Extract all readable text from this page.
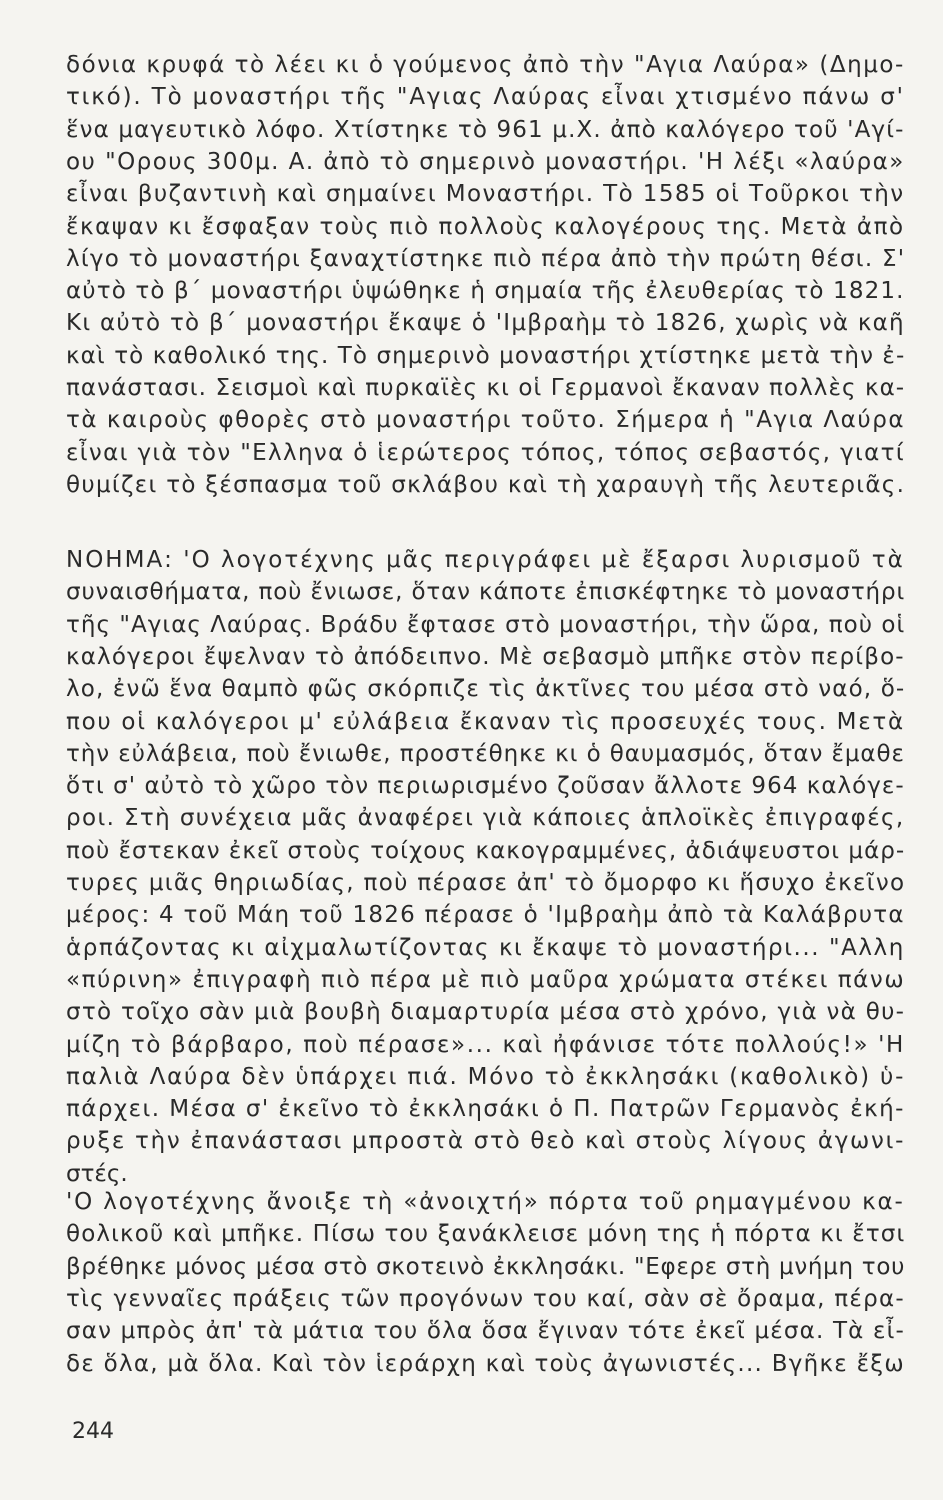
δόνια κρυφά τὸ λέει κι ὁ γούμενος ἀπὸ τὴν "Αγια Λαύρα» (Δημο-
τικό). Τὸ μοναστήρι τῆς "Αγιας Λαύρας εἶναι χτισμένο πάνω σ'
ἕνα μαγευτικὸ λόφο. Χτίστηκε τὸ 961 μ.Χ. ἀπὸ καλόγερο τοῦ 'Αγί-
ου "Ορους 300μ. Α. ἀπὸ τὸ σημερινὸ μοναστήρι. 'Η λέξι «λαύρα»
εἶναι βυζαντινὴ καὶ σημαίνει Μοναστήρι. Τὸ 1585 οἱ Τοῦρκοι τὴν
ἔκαψαν κι ἔσφαξαν τοὺς πιὸ πολλοὺς καλογέρους της. Μετὰ ἀπὸ
λίγο τὸ μοναστήρι ξαναχτίστηκε πιὸ πέρα ἀπὸ τὴν πρώτη θέσι. Σ'
αὐτὸ τὸ β΄ μοναστήρι ὑψώθηκε ἡ σημαία τῆς ἐλευθερίας τὸ 1821.
Κι αὐτὸ τὸ β΄ μοναστήρι ἔκαψε ὁ 'Ιμβραὴμ τὸ 1826, χωρὶς νὰ καῆ
καὶ τὸ καθολικό της. Τὸ σημερινὸ μοναστήρι χτίστηκε μετὰ τὴν ἐ-
πανάστασι. Σεισμοὶ καὶ πυρκαϊὲς κι οἱ Γερμανοὶ ἔκαναν πολλὲς κα-
τὰ καιροὺς φθορὲς στὸ μοναστήρι τοῦτο. Σήμερα ἡ "Αγια Λαύρα
εἶναι γιὰ τὸν "Ελληνα ὁ ἱερώτερος τόπος, τόπος σεβαστός, γιατί
θυμίζει τὸ ξέσπασμα τοῦ σκλάβου καὶ τὴ χαραυγὴ τῆς λευτεριᾶς.
ΝΟΗΜΑ: 'Ο λογοτέχνης μᾶς περιγράφει μὲ ἔξαρσι λυρισμοῦ τὰ
συναισθήματα, ποὺ ἔνιωσε, ὅταν κάποτε ἐπισκέφτηκε τὸ μοναστήρι
τῆς "Αγιας Λαύρας. Βράδυ ἔφτασε στὸ μοναστήρι, τὴν ὥρα, ποὺ οἱ
καλόγεροι ἔψελναν τὸ ἀπόδειπνο. Μὲ σεβασμὸ μπῆκε στὸν περίβο-
λο, ἐνῶ ἕνα θαμπὸ φῶς σκόρπιζε τὶς ἀκτῖνες του μέσα στὸ ναό, ὅ-
που οἱ καλόγεροι μ' εὐλάβεια ἔκαναν τὶς προσευχές τους. Μετὰ
τὴν εὐλάβεια, ποὺ ἔνιωθε, προστέθηκε κι ὁ θαυμασμός, ὅταν ἔμαθε
ὅτι σ' αὐτὸ τὸ χῶρο τὸν περιωρισμένο ζοῦσαν ἄλλοτε 964 καλόγε-
ροι. Στὴ συνέχεια μᾶς ἀναφέρει γιὰ κάποιες ἁπλοϊκὲς ἐπιγραφές,
ποὺ ἔστεκαν ἐκεῖ στοὺς τοίχους κακογραμμένες, ἀδιάψευστοι μάρ-
τυρες μιᾶς θηριωδίας, ποὺ πέρασε ἀπ' τὸ ὄμορφο κι ἥσυχο ἐκεῖνο
μέρος: 4 τοῦ Μάη τοῦ 1826 πέρασε ὁ 'Ιμβραὴμ ἀπὸ τὰ Καλάβρυτα
ἁρπάζοντας κι αἰχμαλωτίζοντας κι ἔκαψε τὸ μοναστήρι... "Αλλη
«πύρινη» ἐπιγραφὴ πιὸ πέρα μὲ πιὸ μαῦρα χρώματα στέκει πάνω
στὸ τοῖχο σὰν μιὰ βουβὴ διαμαρτυρία μέσα στὸ χρόνο, γιὰ νὰ θυ-
μίζη τὸ βάρβαρο, ποὺ πέρασε»... καὶ ἠφάνισε τότε πολλούς!» 'Η
παλιὰ Λαύρα δὲν ὑπάρχει πιά. Μόνο τὸ ἐκκλησάκι (καθολικὸ) ὑ-
πάρχει. Μέσα σ' ἐκεῖνο τὸ ἐκκλησάκι ὁ Π. Πατρῶν Γερμανὸς ἐκή-
ρυξε τὴν ἐπανάστασι μπροστὰ στὸ θεὸ καὶ στοὺς λίγους ἀγωνι-
στές.
'Ο λογοτέχνης ἄνοιξε τὴ «ἀνοιχτή» πόρτα τοῦ ρημαγμένου κα-
θολικοῦ καὶ μπῆκε. Πίσω του ξανάκλεισε μόνη της ἡ πόρτα κι ἔτσι
βρέθηκε μόνος μέσα στὸ σκοτεινὸ ἐκκλησάκι. "Εφερε στὴ μνήμη του
τὶς γενναῖες πράξεις τῶν προγόνων του καί, σὰν σὲ ὄραμα, πέρα-
σαν μπρὸς ἀπ' τὰ μάτια του ὅλα ὅσα ἔγιναν τότε ἐκεῖ μέσα. Τὰ εἶ-
δε ὅλα, μὰ ὅλα. Καὶ τὸν ἱεράρχη καὶ τοὺς ἀγωνιστές... Βγῆκε ἔξω
244
